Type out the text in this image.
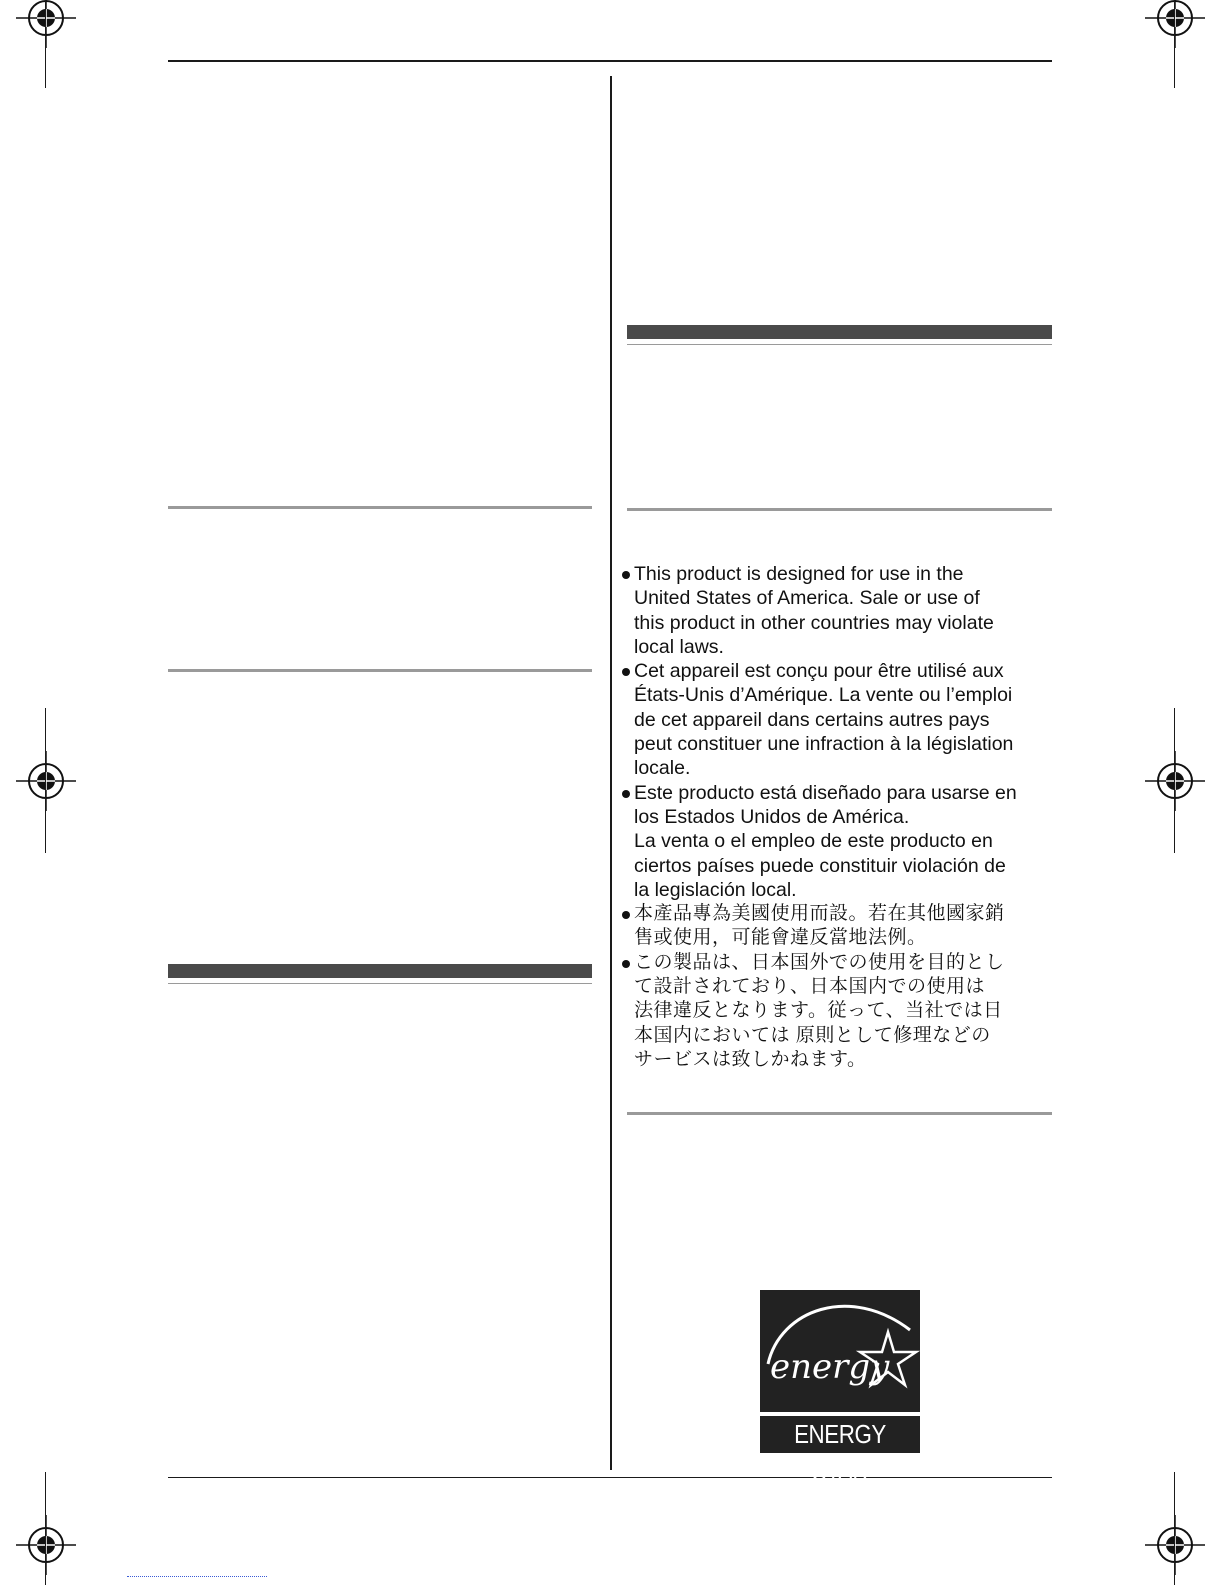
This product is designed for use in the
United States of America. Sale or use of
this product in other countries may violate
local laws.
Cet appareil est conçu pour être utilisé aux
États-Unis d’Amérique. La vente ou l’emploi
de cet appareil dans certains autres pays
peut constituer une infraction à la législation
locale.
Este producto está diseñado para usarse en
los Estados Unidos de América.
La venta o el empleo de este producto en
ciertos países puede constituir violación de
la legislación local.
本產品專為美國使用而設。若在其他國家銷
售或使用，可能會違反當地法例。
この製品は、日本国外での使用を目的とし
て設計されており、日本国内での使用は
法律違反となります。従って、当社では日
本国内においては 原則として修理などの
サービスは致しかねます。
energy
ENERGY STAR
